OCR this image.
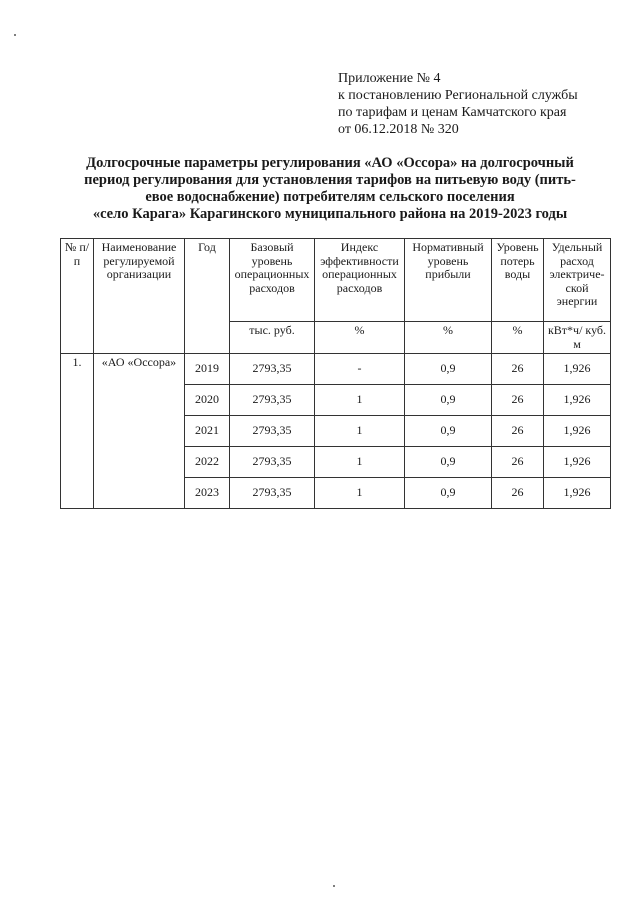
Приложение № 4
к постановлению Региональной службы
по тарифам и ценам Камчатского края
от 06.12.2018 № 320
Долгосрочные параметры регулирования «АО «Оссора» на долгосрочный
период регулирования для установления тарифов на питьевую воду (пить-
евое водоснабжение) потребителям сельского поселения
«село Карага» Карагинского муниципального района на 2019-2023 годы
№ п/п	Наименование регулируемой организации	Год	Базовый уровень операционных расходов	Индекс эффективности операционных расходов	Нормативный уровень прибыли	Уровень потерь воды	Удельный расход электриче-ской энергии
			тыс. руб.	%	%	%	кВт*ч/ куб. м
1.	«АО «Оссора»	2019	2793,35	-	0,9	26	1,926
		2020	2793,35	1	0,9	26	1,926
		2021	2793,35	1	0,9	26	1,926
		2022	2793,35	1	0,9	26	1,926
		2023	2793,35	1	0,9	26	1,926
